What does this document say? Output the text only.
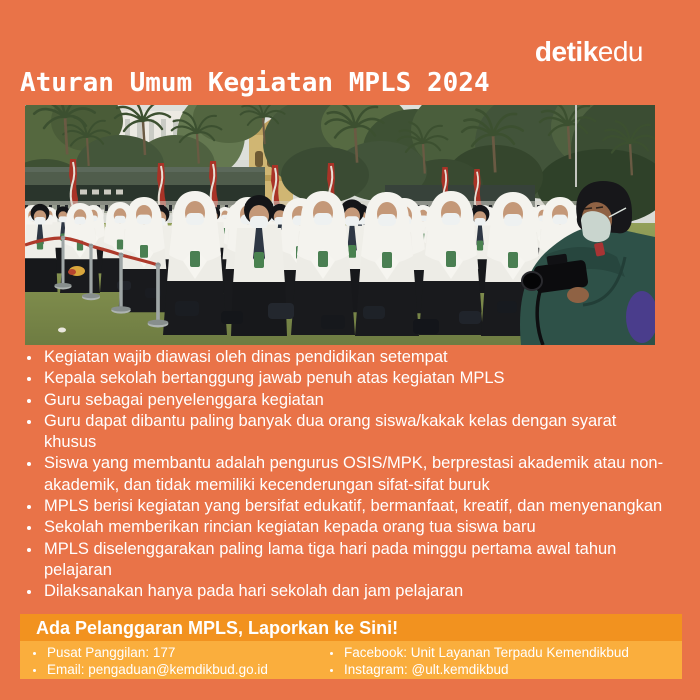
detikedu
Aturan Umum Kegiatan MPLS 2024
• Kegiatan wajib diawasi oleh dinas pendidikan setempat
• Kepala sekolah bertanggung jawab penuh atas kegiatan MPLS
• Guru sebagai penyelenggara kegiatan
• Guru dapat dibantu paling banyak dua orang siswa/kakak kelas dengan syarat khusus
• Siswa yang membantu adalah pengurus OSIS/MPK, berprestasi akademik atau non-akademik, dan tidak memiliki kecenderungan sifat-sifat buruk
• MPLS berisi kegiatan yang bersifat edukatif, bermanfaat, kreatif, dan menyenangkan
• Sekolah memberikan rincian kegiatan kepada orang tua siswa baru
• MPLS diselenggarakan paling lama tiga hari pada minggu pertama awal tahun pelajaran
• Dilaksanakan hanya pada hari sekolah dan jam pelajaran
Ada Pelanggaran MPLS, Laporkan ke Sini!
• Pusat Panggilan: 177
• Email: pengaduan@kemdikbud.go.id
• Facebook: Unit Layanan Terpadu Kemendikbud
• Instagram: @ult.kemdikbud
